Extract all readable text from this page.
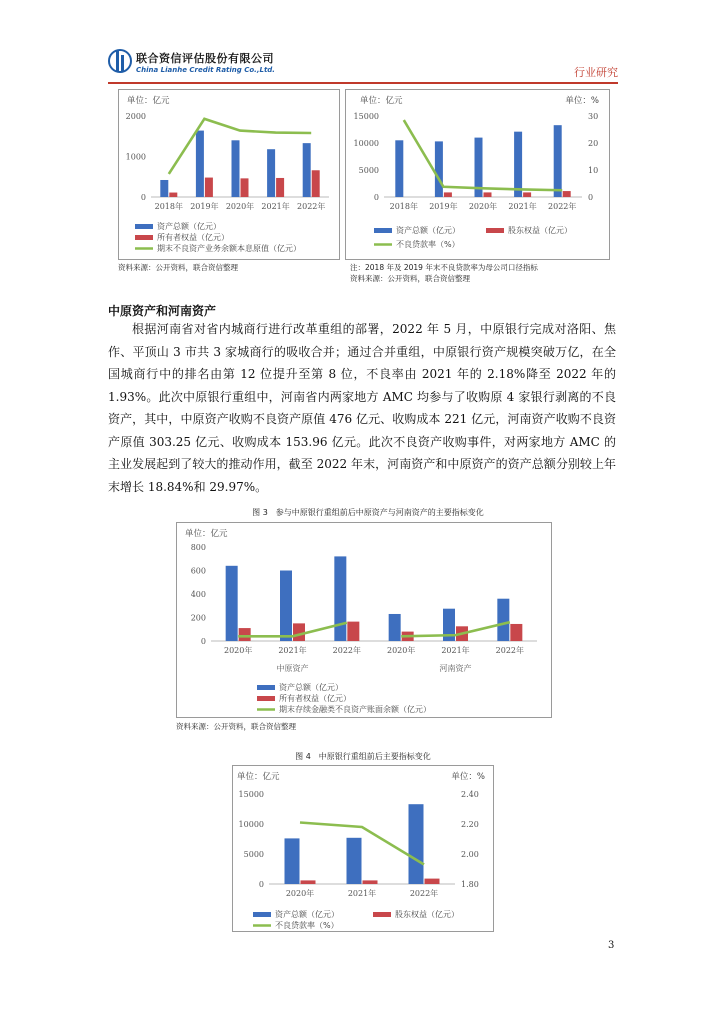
联合资信评估股份有限公司
China Lianhe Credit Rating Co.,Ltd.	行业研究
单位：亿元
0
1000
2000
2018年 2019年 2020年 2021年 2022年
资产总额（亿元）
所有者权益（亿元）
期末不良资产业务余额本息原值（亿元）
资料来源：公开资料，联合资信整理
单位：亿元	单位：%
0
5000
10000
15000
0
10
20
30
2018年 2019年 2020年 2021年 2022年
资产总额（亿元）	股东权益（亿元）
不良贷款率（%）
注：2018 年及 2019 年末不良贷款率为母公司口径指标
资料来源：公开资料，联合资信整理
中原资产和河南资产
根据河南省对省内城商行进行改革重组的部署，2022 年 5 月，中原银行完成对洛阳、焦作、平顶山 3 市共 3 家城商行的吸收合并；通过合并重组，中原银行资产规模突破万亿，在全国城商行中的排名由第 12 位提升至第 8 位，不良率由 2021 年的 2.18%降至 2022 年的 1.93%。此次中原银行重组中，河南省内两家地方 AMC 均参与了收购原 4 家银行剥离的不良资产，其中，中原资产收购不良资产原值 476 亿元、收购成本 221 亿元，河南资产收购不良资产原值 303.25 亿元、收购成本 153.96 亿元。此次不良资产收购事件，对两家地方 AMC 的主业发展起到了较大的推动作用，截至 2022 年末，河南资产和中原资产的资产总额分别较上年末增长 18.84%和 29.97%。
图 3　参与中原银行重组前后中原资产与河南资产的主要指标变化
单位：亿元
0
200
400
600
800
2020年	2021年	2022年	2020年	2021年	2022年
中原资产	河南资产
资产总额（亿元）
所有者权益（亿元）
期末存续金融类不良资产账面余额（亿元）
资料来源：公开资料，联合资信整理
图 4　中原银行重组前后主要指标变化
单位：亿元	单位：%
0
5000
10000
15000
1.80
2.00
2.20
2.40
2020年	2021年	2022年
资产总额（亿元）	股东权益（亿元）
不良贷款率（%）
3
